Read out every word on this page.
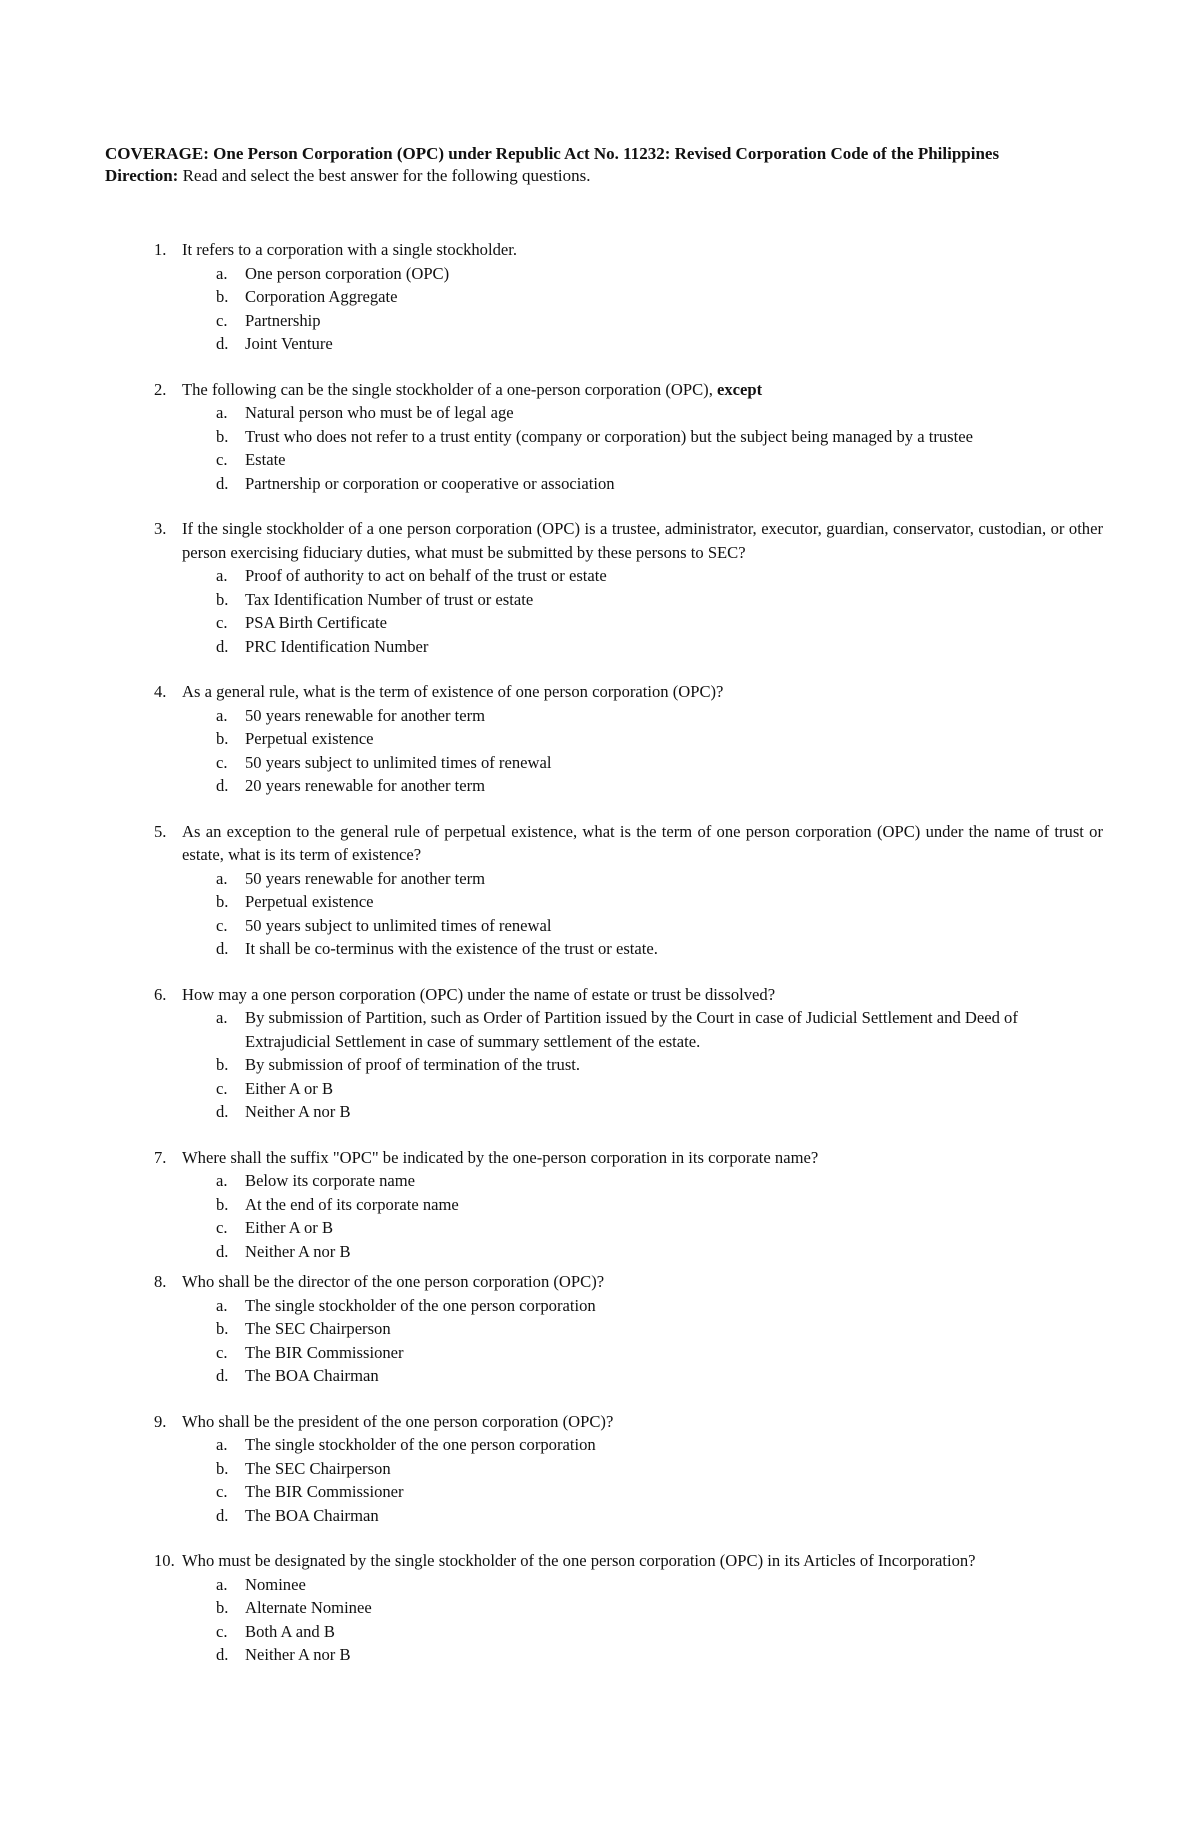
COVERAGE: One Person Corporation (OPC) under Republic Act No. 11232: Revised Corporation Code of the Philippines
Direction: Read and select the best answer for the following questions.
1. It refers to a corporation with a single stockholder.
a.	One person corporation (OPC)
b. Corporation Aggregate
c.	Partnership
d. Joint Venture
2. The following can be the single stockholder of a one-person corporation (OPC), except
a.	Natural person who must be of legal age
b. Trust who does not refer to a trust entity (company or corporation) but the subject being managed by a trustee
c.	Estate
d. Partnership or corporation or cooperative or association
3. If the single stockholder of a one person corporation (OPC) is a trustee, administrator, executor, guardian, conservator, custodian, or other person exercising fiduciary duties, what must be submitted by these persons to SEC?
a.	Proof of authority to act on behalf of the trust or estate
b. Tax Identification Number of trust or estate
c.	PSA Birth Certificate
d. PRC Identification Number
4. As a general rule, what is the term of existence of one person corporation (OPC)?
a.	50 years renewable for another term
b. Perpetual existence
c.	50 years subject to unlimited times of renewal
d. 20 years renewable for another term
5. As an exception to the general rule of perpetual existence, what is the term of one person corporation (OPC) under the name of trust or estate, what is its term of existence?
a.	50 years renewable for another term
b. Perpetual existence
c.	50 years subject to unlimited times of renewal
d. It shall be co-terminus with the existence of the trust or estate.
6. How may a one person corporation (OPC) under the name of estate or trust be dissolved?
a.	By submission of Partition, such as Order of Partition issued by the Court in case of Judicial Settlement and Deed of Extrajudicial Settlement in case of summary settlement of the estate.
b. By submission of proof of termination of the trust.
c.	Either A or B
d. Neither A nor B
7. Where shall the suffix "OPC" be indicated by the one-person corporation in its corporate name?
a.	Below its corporate name
b. At the end of its corporate name
c.	Either A or B
d. Neither A nor B
8. Who shall be the director of the one person corporation (OPC)?
a.	The single stockholder of the one person corporation
b. The SEC Chairperson
c.	The BIR Commissioner
d. The BOA Chairman
9. Who shall be the president of the one person corporation (OPC)?
a.	The single stockholder of the one person corporation
b. The SEC Chairperson
c.	The BIR Commissioner
d. The BOA Chairman
10. Who must be designated by the single stockholder of the one person corporation (OPC) in its Articles of Incorporation?
a.	Nominee
b. Alternate Nominee
c.	Both A and B
d. Neither A nor B
